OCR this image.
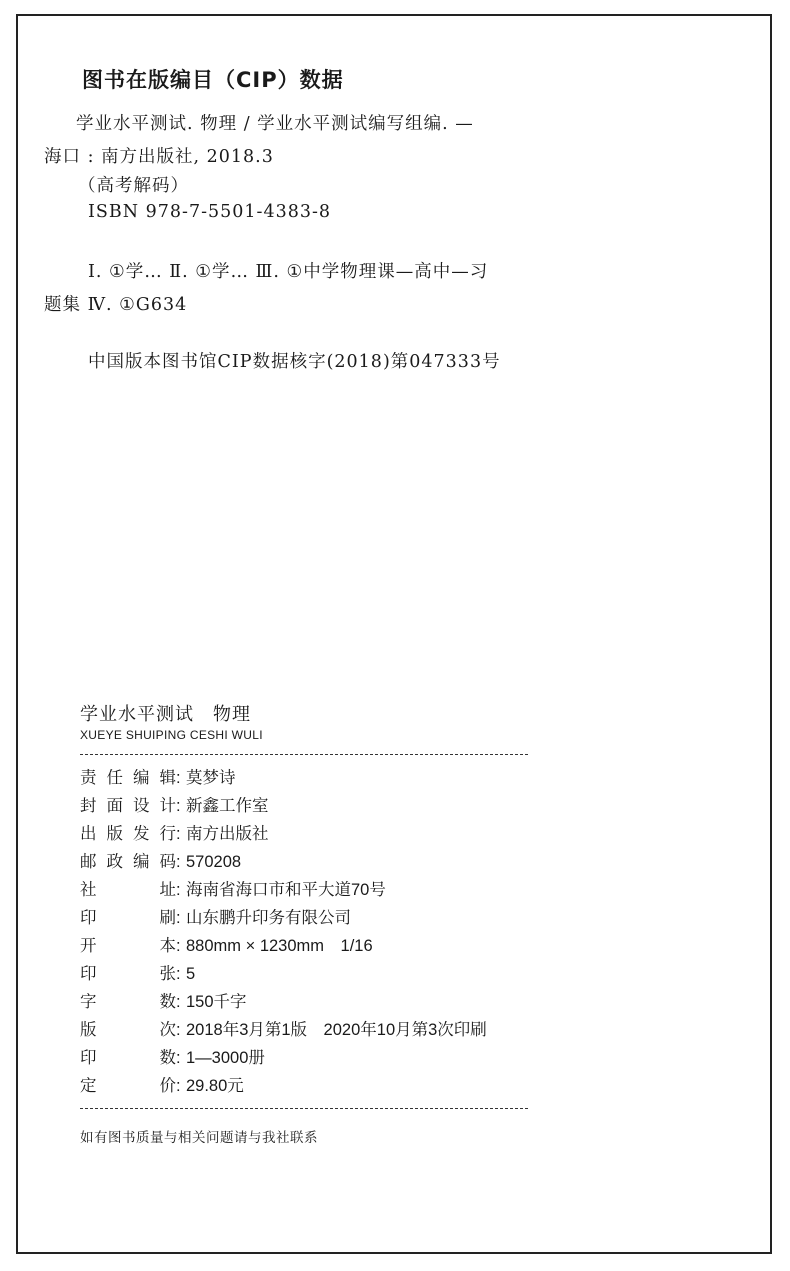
图书在版编目（CIP）数据
学业水平测试. 物理 / 学业水平测试编写组编. —
海口 : 南方出版社, 2018.3
（高考解码）
ISBN 978-7-5501-4383-8
Ⅰ. ①学… Ⅱ. ①学… Ⅲ. ①中学物理课—高中—习
题集 Ⅳ. ①G634
中国版本图书馆CIP数据核字(2018)第047333号
学业水平测试　物理
XUEYE SHUIPING CESHI WULI
责任编辑 : 莫梦诗
封面设计 : 新鑫工作室
出版发行 : 南方出版社
邮政编码 : 570208
社　　址 : 海南省海口市和平大道70号
印　　刷 : 山东鹏升印务有限公司
开　　本 : 880mm × 1230mm　1/16
印　　张 : 5
字　　数 : 150千字
版　　次 : 2018年3月第1版　2020年10月第3次印刷
印　　数 : 1—3000册
定　　价 : 29.80元
如有图书质量与相关问题请与我社联系
